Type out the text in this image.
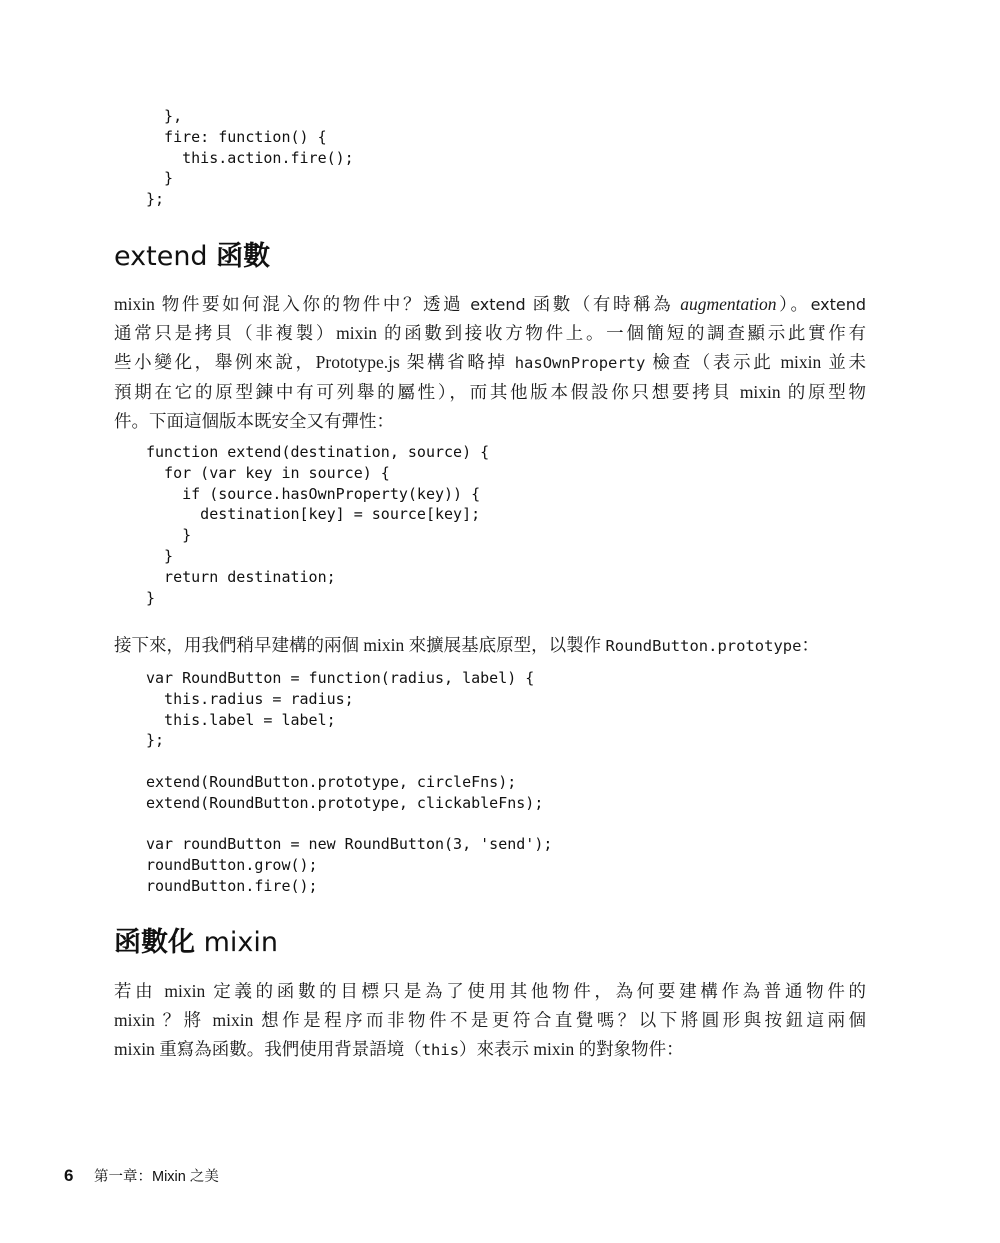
},
fire: function() {
this.action.fire();
}
};
extend 函數
mixin 物件要如何混入你的物件中？透過 extend 函數（有時稱為 augmentation）。extend
通常只是拷貝（非複製）mixin 的函數到接收方物件上。一個簡短的調查顯示此實作有
些小變化，舉例來說，Prototype.js 架構省略掉 hasOwnProperty 檢查（表示此 mixin 並未
預期在它的原型鍊中有可列舉的屬性），而其他版本假設你只想要拷貝 mixin 的原型物
件。下面這個版本既安全又有彈性：
function extend(destination, source) {
for (var key in source) {
if (source.hasOwnProperty(key)) {
destination[key] = source[key];
}
}
return destination;
}
接下來，用我們稍早建構的兩個 mixin 來擴展基底原型，以製作 RoundButton.prototype：
var RoundButton = function(radius, label) {
this.radius = radius;
this.label = label;
};

extend(RoundButton.prototype, circleFns);
extend(RoundButton.prototype, clickableFns);

var roundButton = new RoundButton(3, 'send');
roundButton.grow();
roundButton.fire();
函數化 mixin
若由 mixin 定義的函數的目標只是為了使用其他物件，為何要建構作為普通物件的
mixin ？將 mixin 想作是程序而非物件不是更符合直覺嗎？以下將圓形與按鈕這兩個
mixin 重寫為函數。我們使用背景語境（this）來表示 mixin 的對象物件：
6 第一章：Mixin 之美
